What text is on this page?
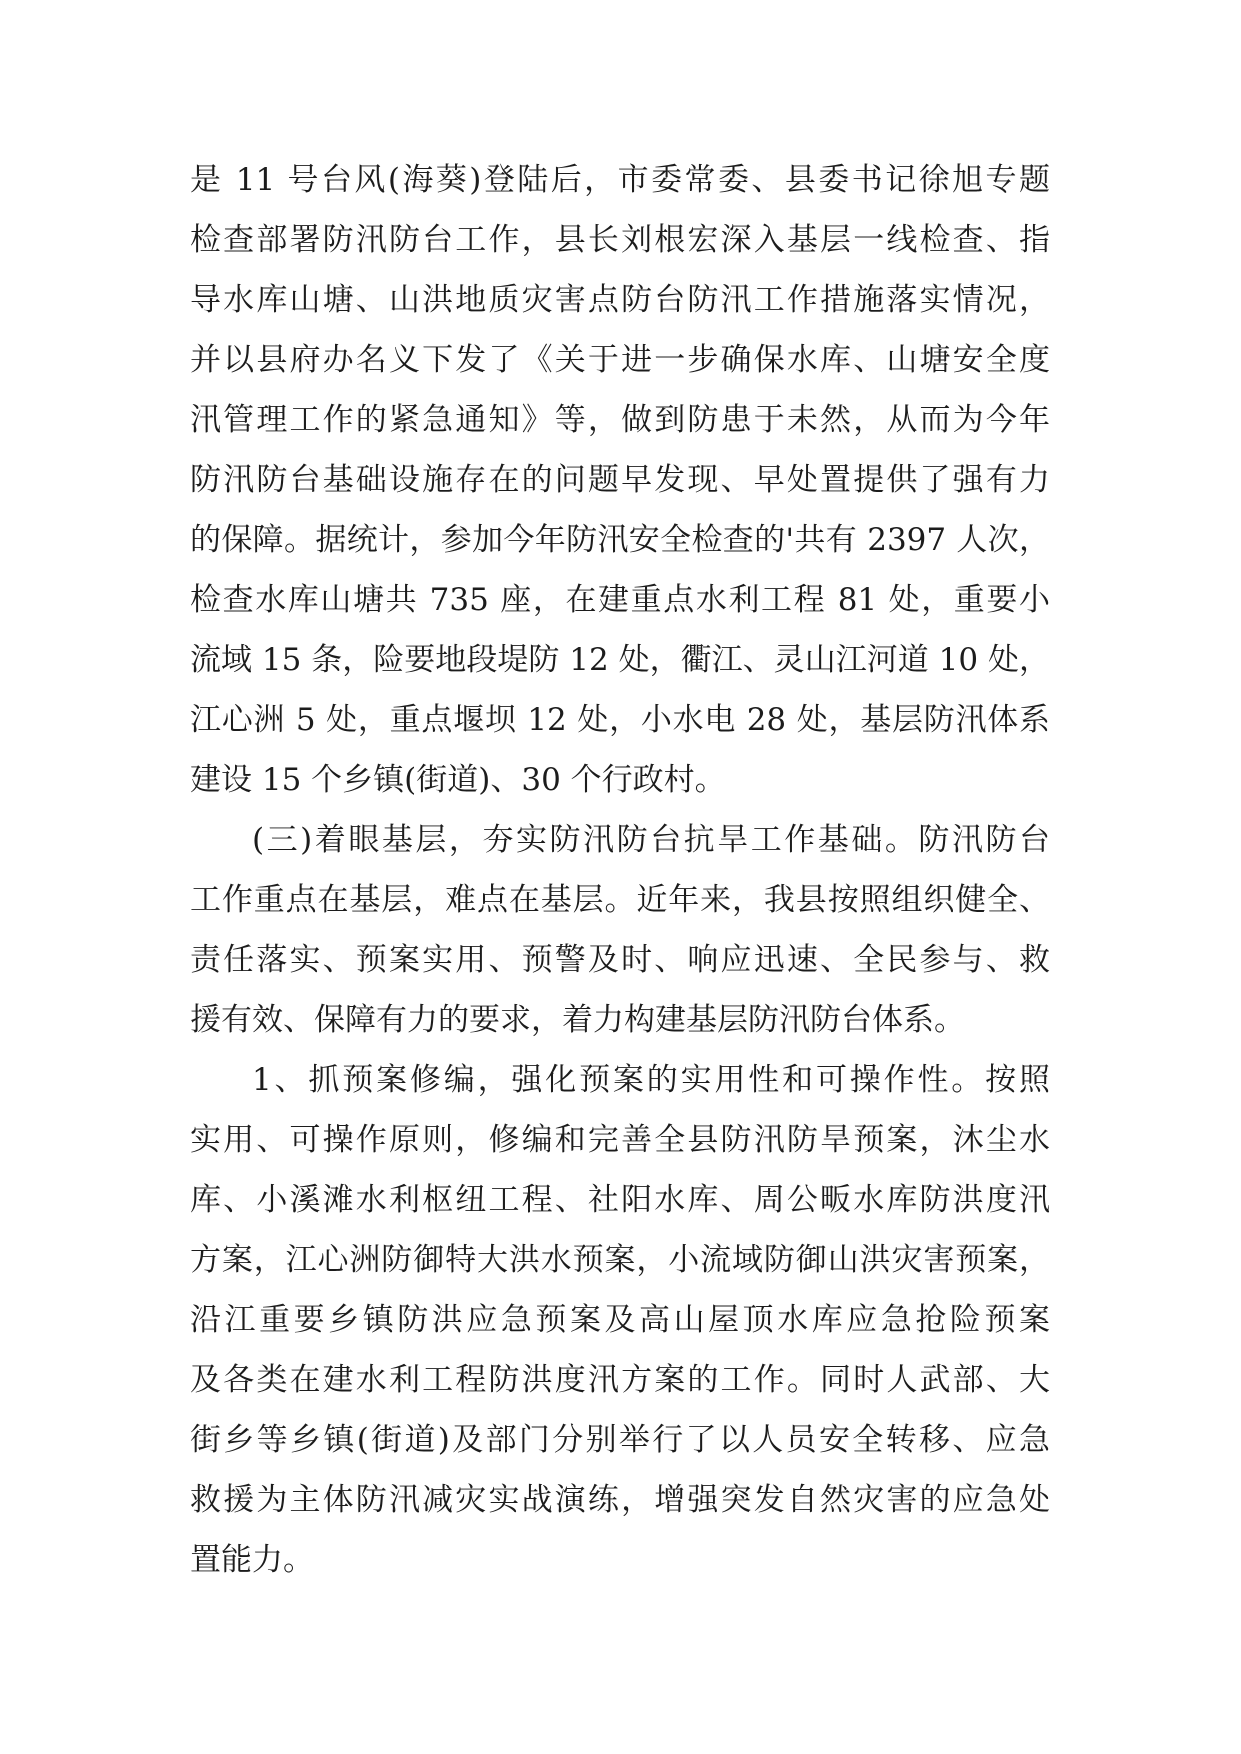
是 11 号台风(海葵)登陆后，市委常委、县委书记徐旭专题
检查部署防汛防台工作，县长刘根宏深入基层一线检查、指
导水库山塘、山洪地质灾害点防台防汛工作措施落实情况，
并以县府办名义下发了《关于进一步确保水库、山塘安全度
汛管理工作的紧急通知》等，做到防患于未然，从而为今年
防汛防台基础设施存在的问题早发现、早处置提供了强有力
的保障。据统计，参加今年防汛安全检查的'共有 2397 人次，
检查水库山塘共 735 座，在建重点水利工程 81 处，重要小
流域 15 条，险要地段堤防 12 处，衢江、灵山江河道 10 处，
江心洲 5 处，重点堰坝 12 处，小水电 28 处，基层防汛体系
建设 15 个乡镇(街道)、30 个行政村。
(三)着眼基层，夯实防汛防台抗旱工作基础。防汛防台
工作重点在基层，难点在基层。近年来，我县按照组织健全、
责任落实、预案实用、预警及时、响应迅速、全民参与、救
援有效、保障有力的要求，着力构建基层防汛防台体系。
1、抓预案修编，强化预案的实用性和可操作性。按照
实用、可操作原则，修编和完善全县防汛防旱预案，沐尘水
库、小溪滩水利枢纽工程、社阳水库、周公畈水库防洪度汛
方案，江心洲防御特大洪水预案，小流域防御山洪灾害预案，
沿江重要乡镇防洪应急预案及高山屋顶水库应急抢险预案
及各类在建水利工程防洪度汛方案的工作。同时人武部、大
街乡等乡镇(街道)及部门分别举行了以人员安全转移、应急
救援为主体防汛减灾实战演练，增强突发自然灾害的应急处
置能力。
